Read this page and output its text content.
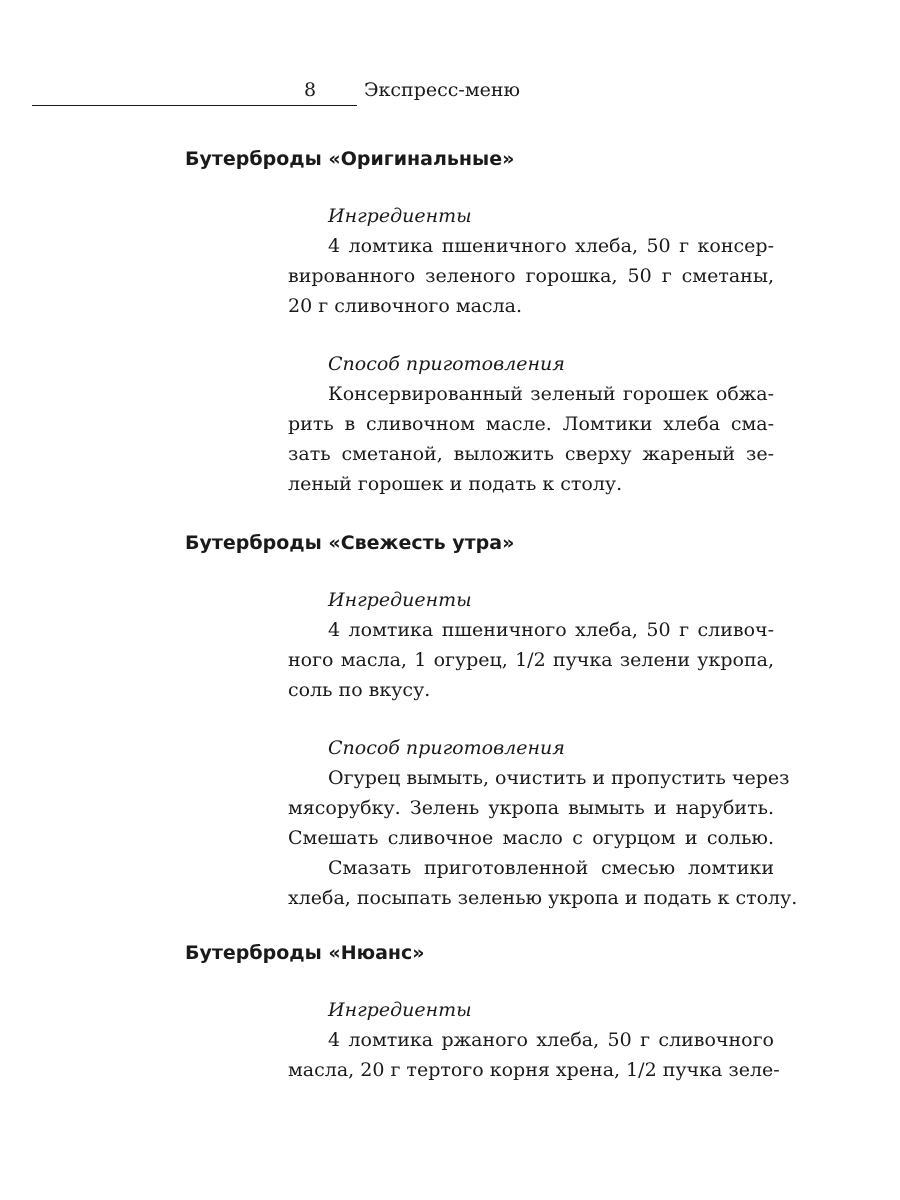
8	Экспресс-меню
Бутерброды «Оригинальные»
Ингредиенты
4 ломтика пшеничного хлеба, 50 г консер-
вированного зеленого горошка, 50 г сметаны,
20 г сливочного масла.
Способ приготовления
Консервированный зеленый горошек обжа-
рить в сливочном масле. Ломтики хлеба сма-
зать сметаной, выложить сверху жареный зе-
леный горошек и подать к столу.
Бутерброды «Свежесть утра»
Ингредиенты
4 ломтика пшеничного хлеба, 50 г сливоч-
ного масла, 1 огурец, 1/2 пучка зелени укропа,
соль по вкусу.
Способ приготовления
Огурец вымыть, очистить и пропустить через
мясорубку. Зелень укропа вымыть и нарубить.
Смешать сливочное масло с огурцом и солью.
Смазать приготовленной смесью ломтики
хлеба, посыпать зеленью укропа и подать к столу.
Бутерброды «Нюанс»
Ингредиенты
4 ломтика ржаного хлеба, 50 г сливочного
масла, 20 г тертого корня хрена, 1/2 пучка зеле-
